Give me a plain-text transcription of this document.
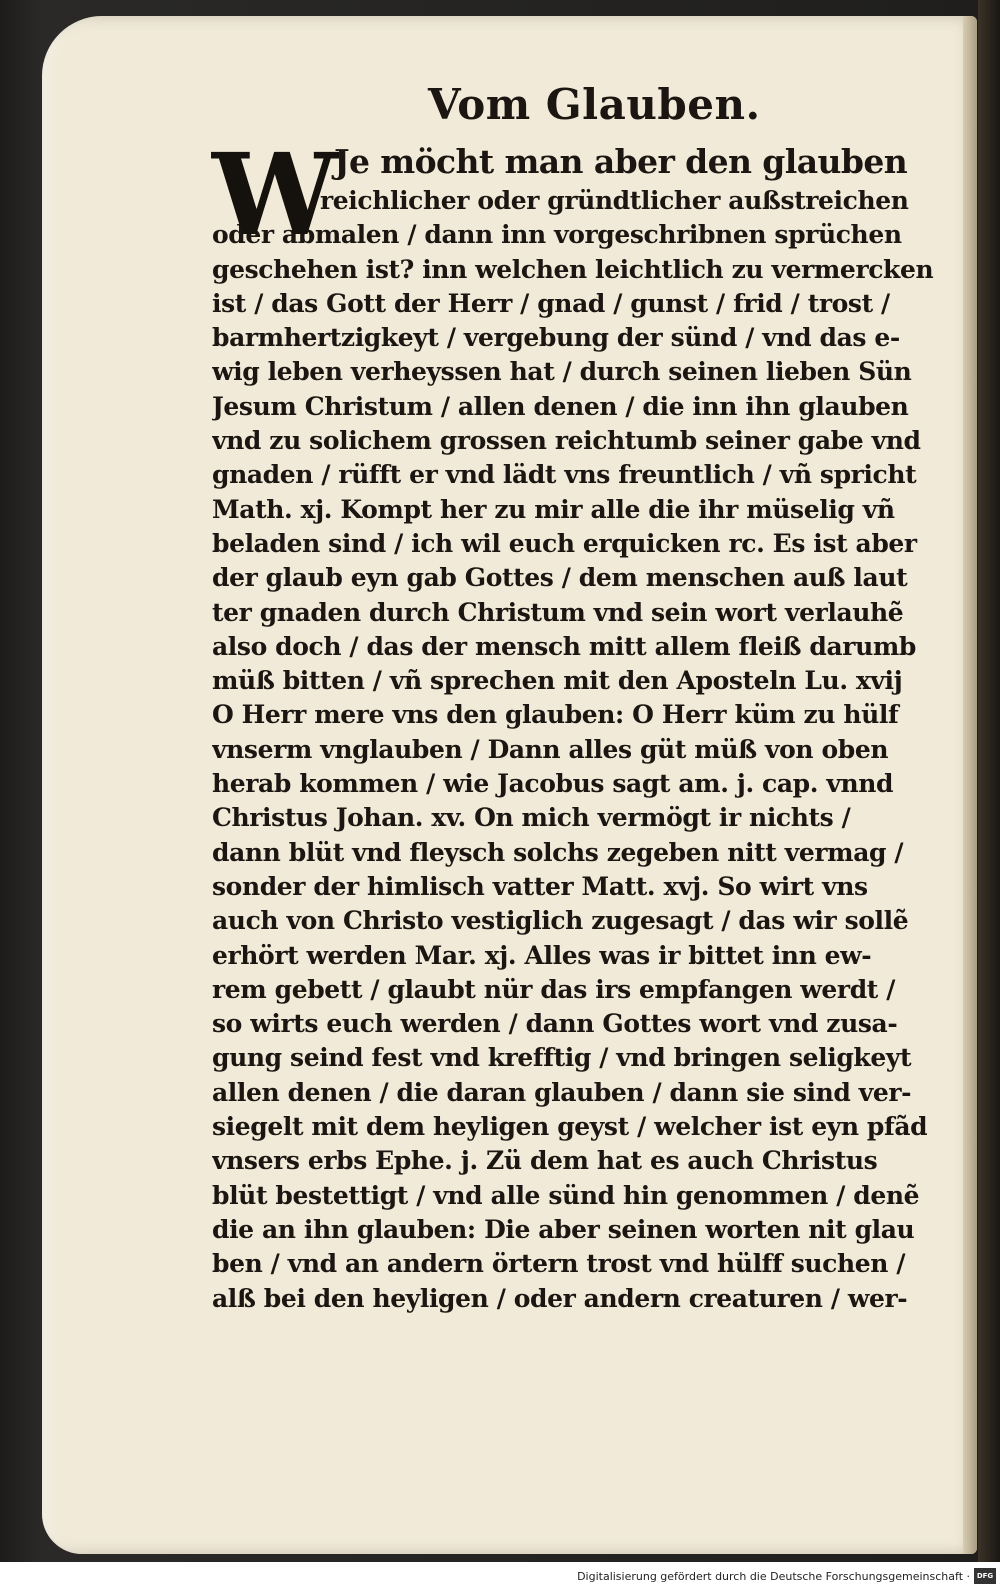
Vom Glauben.
W
Je möcht man aber den glauben
reichlicher oder gründtlicher außstreichen
oder abmalen / dann inn vorgeschribnen sprüchen
geschehen ist? inn welchen leichtlich zu vermercken
ist / das Gott der Herr / gnad / gunst / frid / trost /
barmhertzigkeyt / vergebung der sünd / vnd das e-
wig leben verheyssen hat / durch seinen lieben Sün
Jesum Christum / allen denen / die inn ihn glauben
vnd zu solichem grossen reichtumb seiner gabe vnd
gnaden / rüfft er vnd lädt vns freuntlich / vñ spricht
Math. xj. Kompt her zu mir alle die ihr müselig vñ
beladen sind / ich wil euch erquicken rc. Es ist aber
der glaub eyn gab Gottes / dem menschen auß laut
ter gnaden durch Christum vnd sein wort verlauhẽ
also doch / das der mensch mitt allem fleiß darumb
müß bitten / vñ sprechen mit den Aposteln Lu. xvij
O Herr mere vns den glauben: O Herr küm zu hülf
vnserm vnglauben / Dann alles güt müß von oben
herab kommen / wie Jacobus sagt am. j. cap. vnnd
Christus Johan. xv. On mich vermögt ir nichts /
dann blüt vnd fleysch solchs zegeben nitt vermag /
sonder der himlisch vatter Matt. xvj. So wirt vns
auch von Christo vestiglich zugesagt / das wir sollẽ
erhört werden Mar. xj. Alles was ir bittet inn ew-
rem gebett / glaubt nür das irs empfangen werdt /
so wirts euch werden / dann Gottes wort vnd zusa-
gung seind fest vnd krefftig / vnd bringen seligkeyt
allen denen / die daran glauben / dann sie sind ver-
siegelt mit dem heyligen geyst / welcher ist eyn pfãd
vnsers erbs Ephe. j. Zü dem hat es auch Christus
blüt bestettigt / vnd alle sünd hin genommen / denẽ
die an ihn glauben: Die aber seinen worten nit glau
ben / vnd an andern örtern trost vnd hülff suchen /
alß bei den heyligen / oder andern creaturen / wer-
Digitalisierung gefördert durch die Deutsche Forschungsgemeinschaft · DFG
